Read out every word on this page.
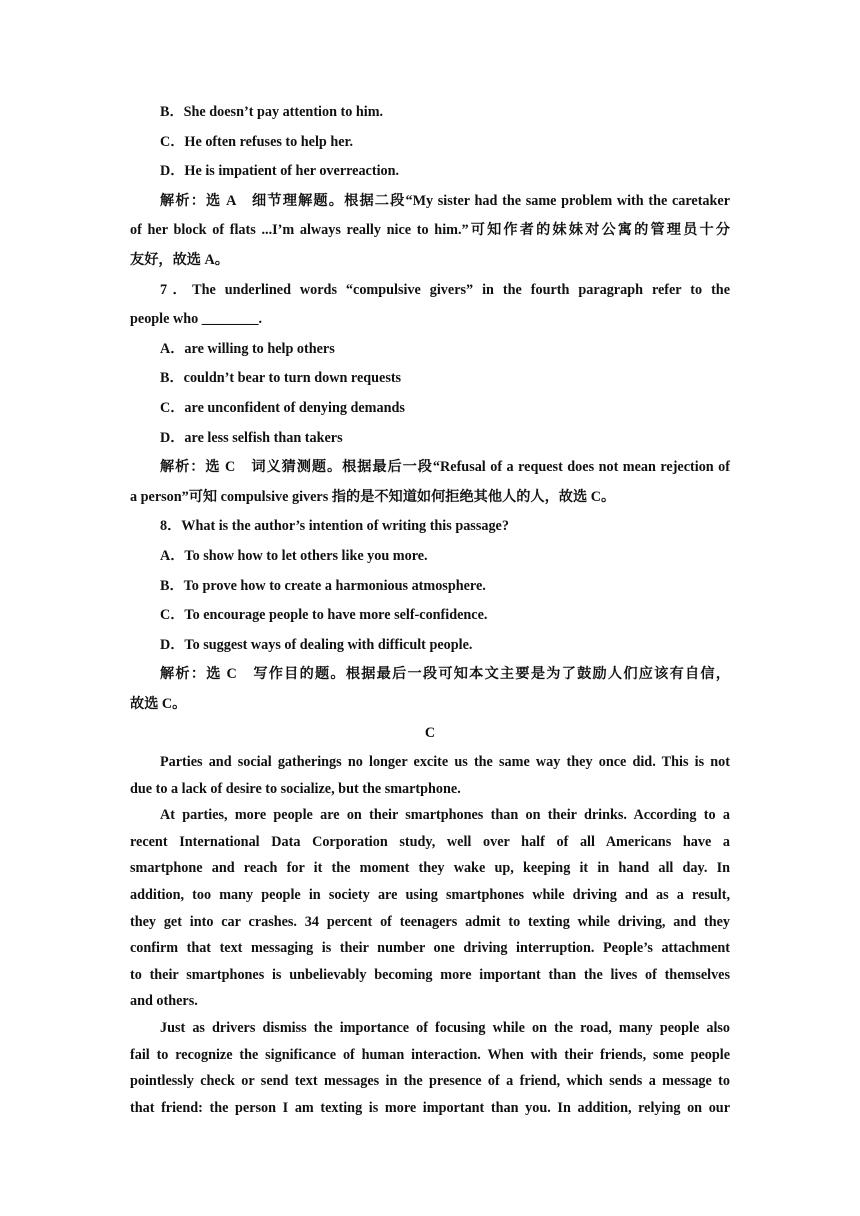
B．She doesn’t pay attention to him.
C．He often refuses to help her.
D．He is impatient of her overreaction.
解析：选 A　细节理解题。根据二段“My sister had the same problem with the caretaker
of her block of flats ...I’m always really nice to him.”可知作者的妹妹对公寓的管理员十分
友好，故选 A。
7．The underlined words “compulsive givers” in the fourth paragraph refer to the
people who ________.
A．are willing to help others
B．couldn’t bear to turn down requests
C．are unconfident of denying demands
D．are less selfish than takers
解析：选 C　词义猜测题。根据最后一段“Refusal of a request does not mean rejection of
a person”可知 compulsive givers 指的是不知道如何拒绝其他人的人，故选 C。
8．What is the author’s intention of writing this passage?
A．To show how to let others like you more.
B．To prove how to create a harmonious atmosphere.
C．To encourage people to have more self-confidence.
D．To suggest ways of dealing with difficult people.
解析：选 C　写作目的题。根据最后一段可知本文主要是为了鼓励人们应该有自信，
故选 C。
C
Parties and social gatherings no longer excite us the same way they once did. This is not
due to a lack of desire to socialize, but the smartphone.
At parties, more people are on their smartphones than on their drinks. According to a
recent International Data Corporation study, well over half of all Americans have a
smartphone and reach for it the moment they wake up, keeping it in hand all day. In
addition, too many people in society are using smartphones while driving and as a result,
they get into car crashes. 34 percent of teenagers admit to texting while driving, and they
confirm that text messaging is their number one driving interruption. People’s attachment
to their smartphones is unbelievably becoming more important than the lives of themselves
and others.
Just as drivers dismiss the importance of focusing while on the road, many people also
fail to recognize the significance of human interaction. When with their friends, some people
pointlessly check or send text messages in the presence of a friend, which sends a message to
that friend: the person I am texting is more important than you. In addition, relying on our
